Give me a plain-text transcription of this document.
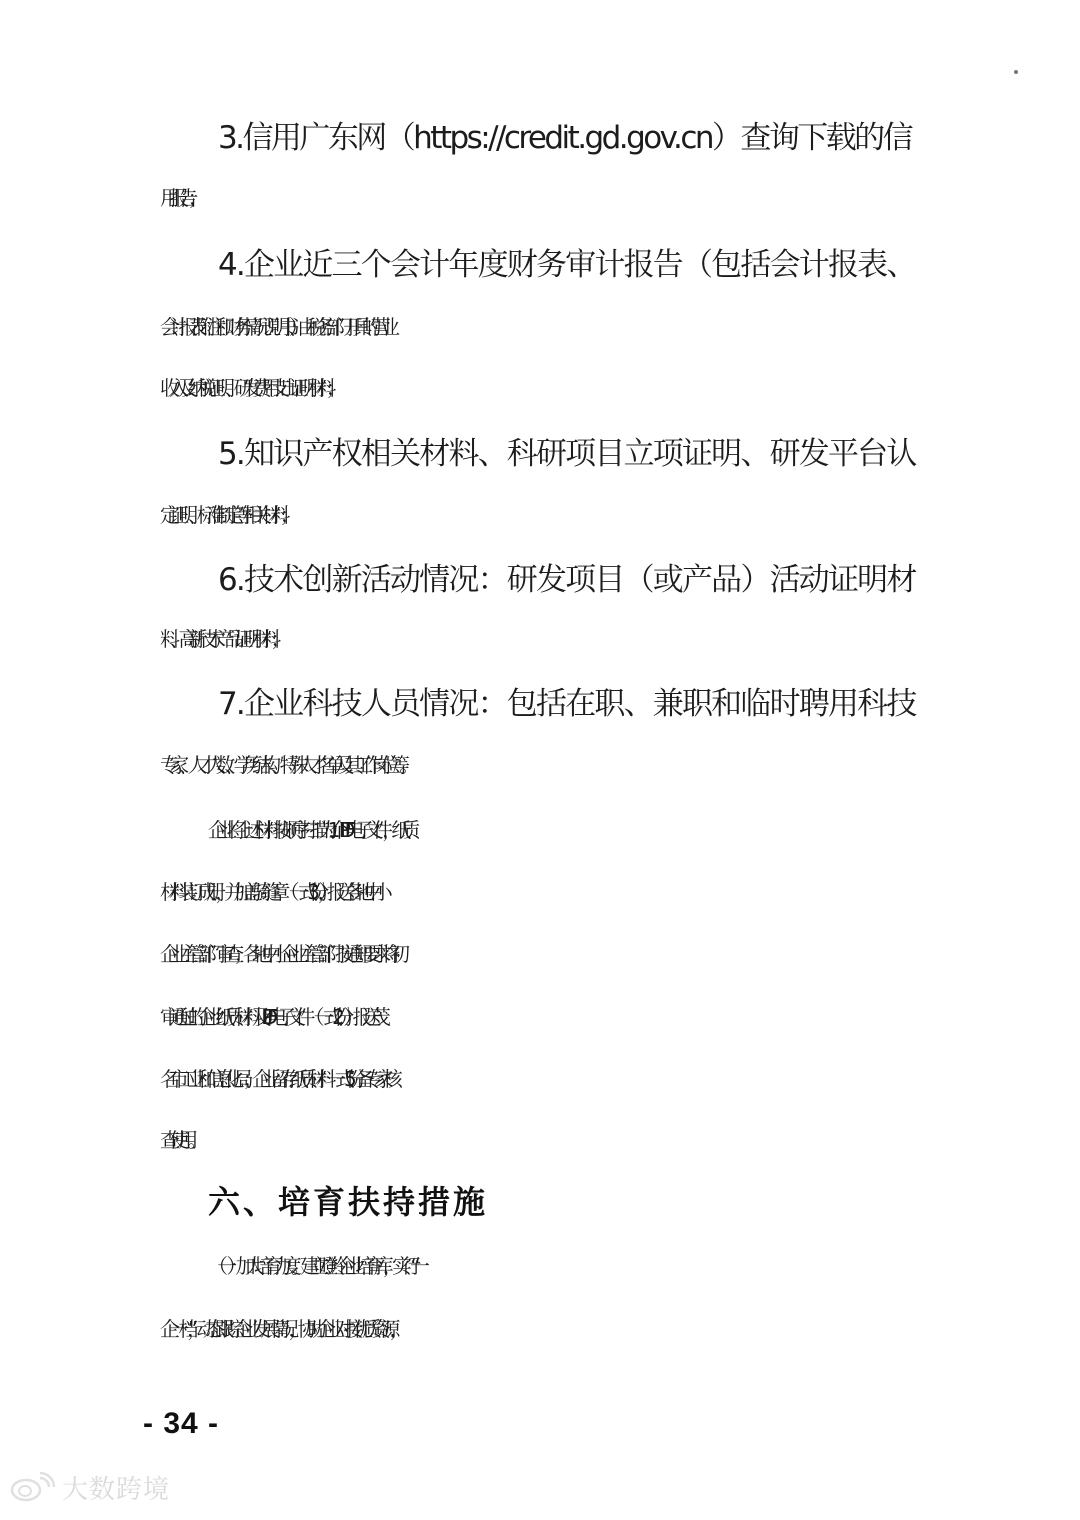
3.信用广东网（https://credit.gd.gov.cn）查询下载的信
用报告；
4.企业近三个会计年度财务审计报告（包括会计报表、
会计报表附注和财务情况说明书）、由税务部门开具的营业
收入及纳税证明、研发费用支出证明材料；
5.知识产权相关材料、科研项目立项证明、研发平台认
定证明、标准制定等相关材料；
6.技术创新活动情况：研发项目（或产品）活动证明材
料、高新技术产品证明材料；
7.企业科技人员情况：包括在职、兼职和临时聘用科技
专家、人才人数、学历结构、特殊人才名单及其工作岗位等。
企业将上述材料按顺序扫描为1个PDF电子文件，纸质
材料装订成册，并加盖骑缝章（一式3份），报送各地中小
企业主管部门审查；各地中小企业主管部门按通知要求将初
审通过的企业纸质材料及PDF电子文件（一式2份）报送茂
名市工业和信息化局；企业留存纸质材料一式5份备专家核
查使用。
六、培育扶持措施
（一）加大培育力度。建立瞪羚企业培育库，实行“一
企一档”，动态跟踪企业发展情况，协助企业对接优质资源，
- 34 -
大数跨境
